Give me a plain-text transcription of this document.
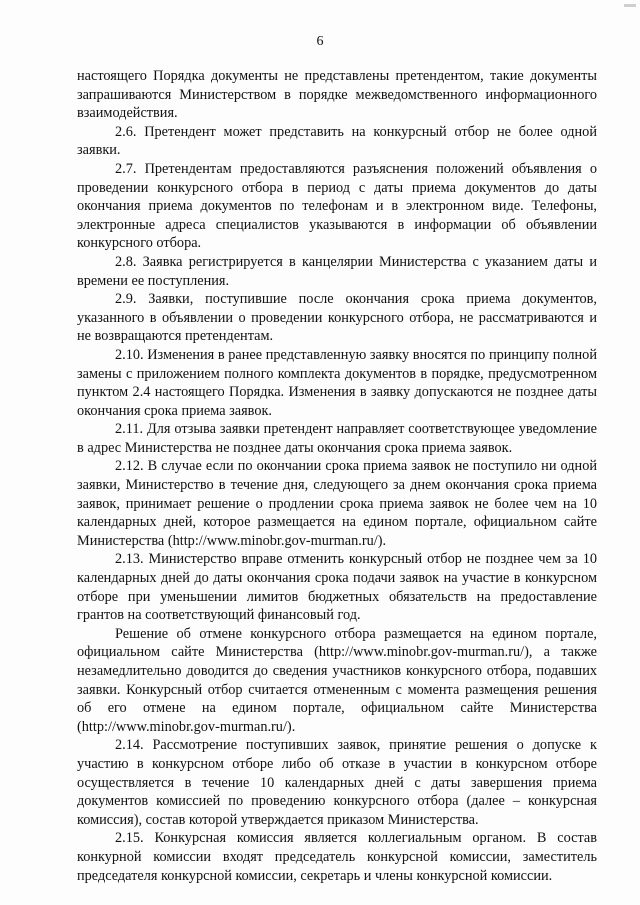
6

настоящего Порядка документы не представлены претендентом, такие документы запрашиваются Министерством в порядке межведомственного информационного взаимодействия.

2.6. Претендент может представить на конкурсный отбор не более одной заявки.

2.7. Претендентам предоставляются разъяснения положений объявления о проведении конкурсного отбора в период с даты приема документов до даты окончания приема документов по телефонам и в электронном виде. Телефоны, электронные адреса специалистов указываются в информации об объявлении конкурсного отбора.

2.8. Заявка регистрируется в канцелярии Министерства с указанием даты и времени ее поступления.

2.9. Заявки, поступившие после окончания срока приема документов, указанного в объявлении о проведении конкурсного отбора, не рассматриваются и не возвращаются претендентам.

2.10. Изменения в ранее представленную заявку вносятся по принципу полной замены с приложением полного комплекта документов в порядке, предусмотренном пунктом 2.4 настоящего Порядка. Изменения в заявку допускаются не позднее даты окончания срока приема заявок.

2.11. Для отзыва заявки претендент направляет соответствующее уведомление в адрес Министерства не позднее даты окончания срока приема заявок.

2.12. В случае если по окончании срока приема заявок не поступило ни одной заявки, Министерство в течение дня, следующего за днем окончания срока приема заявок, принимает решение о продлении срока приема заявок не более чем на 10 календарных дней, которое размещается на едином портале, официальном сайте Министерства (http://www.minobr.gov-murman.ru/).

2.13. Министерство вправе отменить конкурсный отбор не позднее чем за 10 календарных дней до даты окончания срока подачи заявок на участие в конкурсном отборе при уменьшении лимитов бюджетных обязательств на предоставление грантов на соответствующий финансовый год.

Решение об отмене конкурсного отбора размещается на едином портале, официальном сайте Министерства (http://www.minobr.gov-murman.ru/), а также незамедлительно доводится до сведения участников конкурсного отбора, подавших заявки. Конкурсный отбор считается отмененным с момента размещения решения об его отмене на едином портале, официальном сайте Министерства (http://www.minobr.gov-murman.ru/).

2.14. Рассмотрение поступивших заявок, принятие решения о допуске к участию в конкурсном отборе либо об отказе в участии в конкурсном отборе осуществляется в течение 10 календарных дней с даты завершения приема документов комиссией по проведению конкурсного отбора (далее – конкурсная комиссия), состав которой утверждается приказом Министерства.

2.15. Конкурсная комиссия является коллегиальным органом. В состав конкурной комиссии входят председатель конкурсной комиссии, заместитель председателя конкурсной комиссии, секретарь и члены конкурсной комиссии.
